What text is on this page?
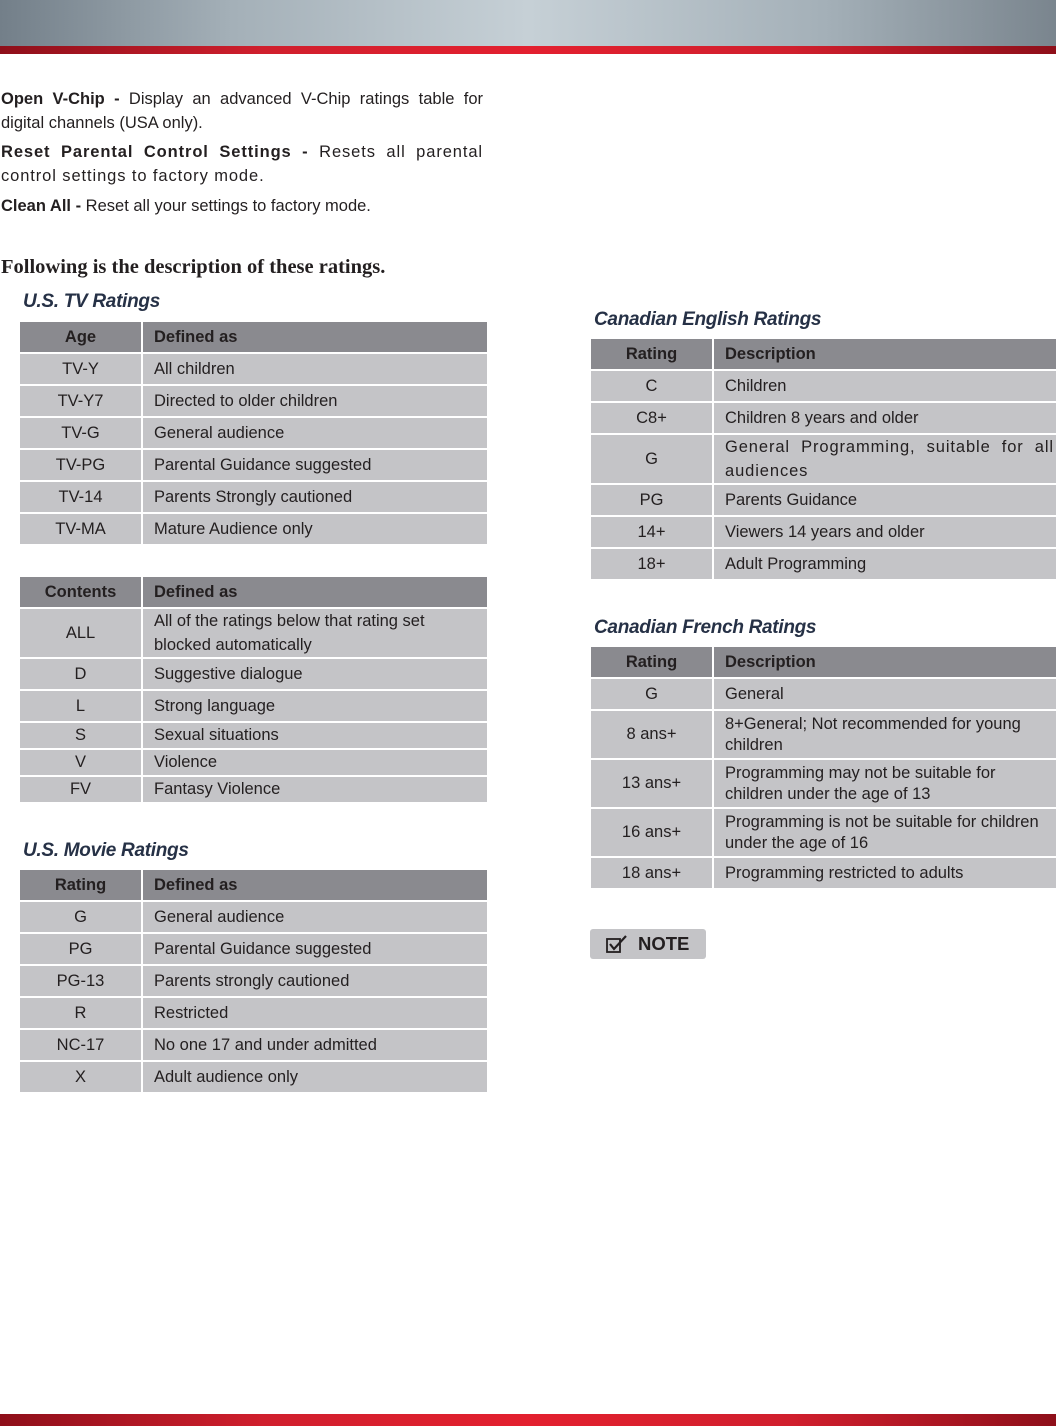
Open V-Chip - Display an advanced V-Chip ratings table for digital channels (USA only).

Reset Parental Control Settings - Resets all parental control settings to factory mode.

Clean All - Reset all your settings to factory mode.

Following is the description of these ratings.
U.S. TV Ratings
Age	Defined as
TV-Y	All children
TV-Y7	Directed to older children
TV-G	General audience
TV-PG	Parental Guidance suggested
TV-14	Parents Strongly cautioned
TV-MA	Mature Audience only
Contents	Defined as
ALL	All of the ratings below that rating set blocked automatically
D	Suggestive dialogue
L	Strong language
S	Sexual situations
V	Violence
FV	Fantasy Violence
U.S. Movie Ratings
Rating	Defined as
G	General audience
PG	Parental Guidance suggested
PG-13	Parents strongly cautioned
R	Restricted
NC-17	No one 17 and under admitted
X	Adult audience only
Canadian English Ratings
Rating	Description
C	Children
C8+	Children 8 years and older
G	General Programming, suitable for all audiences
PG	Parents Guidance
14+	Viewers 14 years and older
18+	Adult Programming
Canadian French Ratings
Rating	Description
G	General
8 ans+	8+General; Not recommended for young children
13 ans+	Programming may not be suitable for children under the age of 13
16 ans+	Programming is not be suitable for children under the age of 16
18 ans+	Programming restricted to adults
NOTE
